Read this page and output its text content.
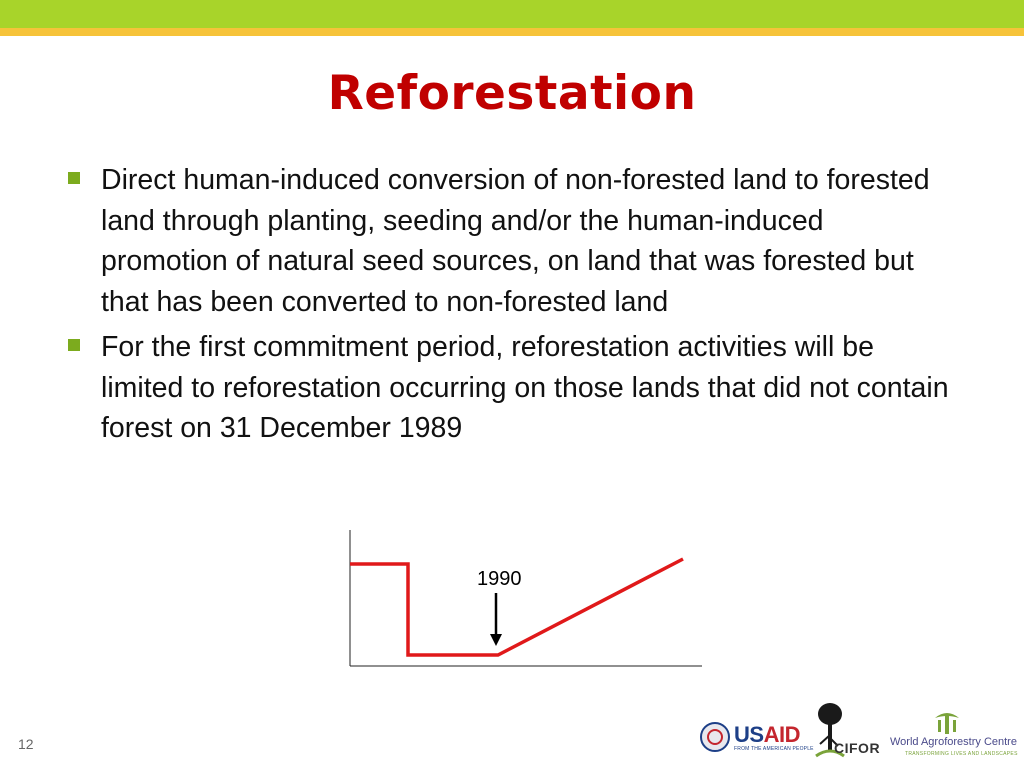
Reforestation
Direct human-induced conversion of non-forested land to forested land through planting, seeding and/or the human-induced promotion of natural seed sources, on land that was forested but that has been converted to non-forested land
For the first commitment period, reforestation activities will be limited to reforestation occurring on those lands that did not contain forest on 31 December 1989
1990
12	USAID
FROM THE AMERICAN PEOPLE CIFOR World Agroforestry Centre
TRANSFORMING LIVES AND LANDSCAPES
